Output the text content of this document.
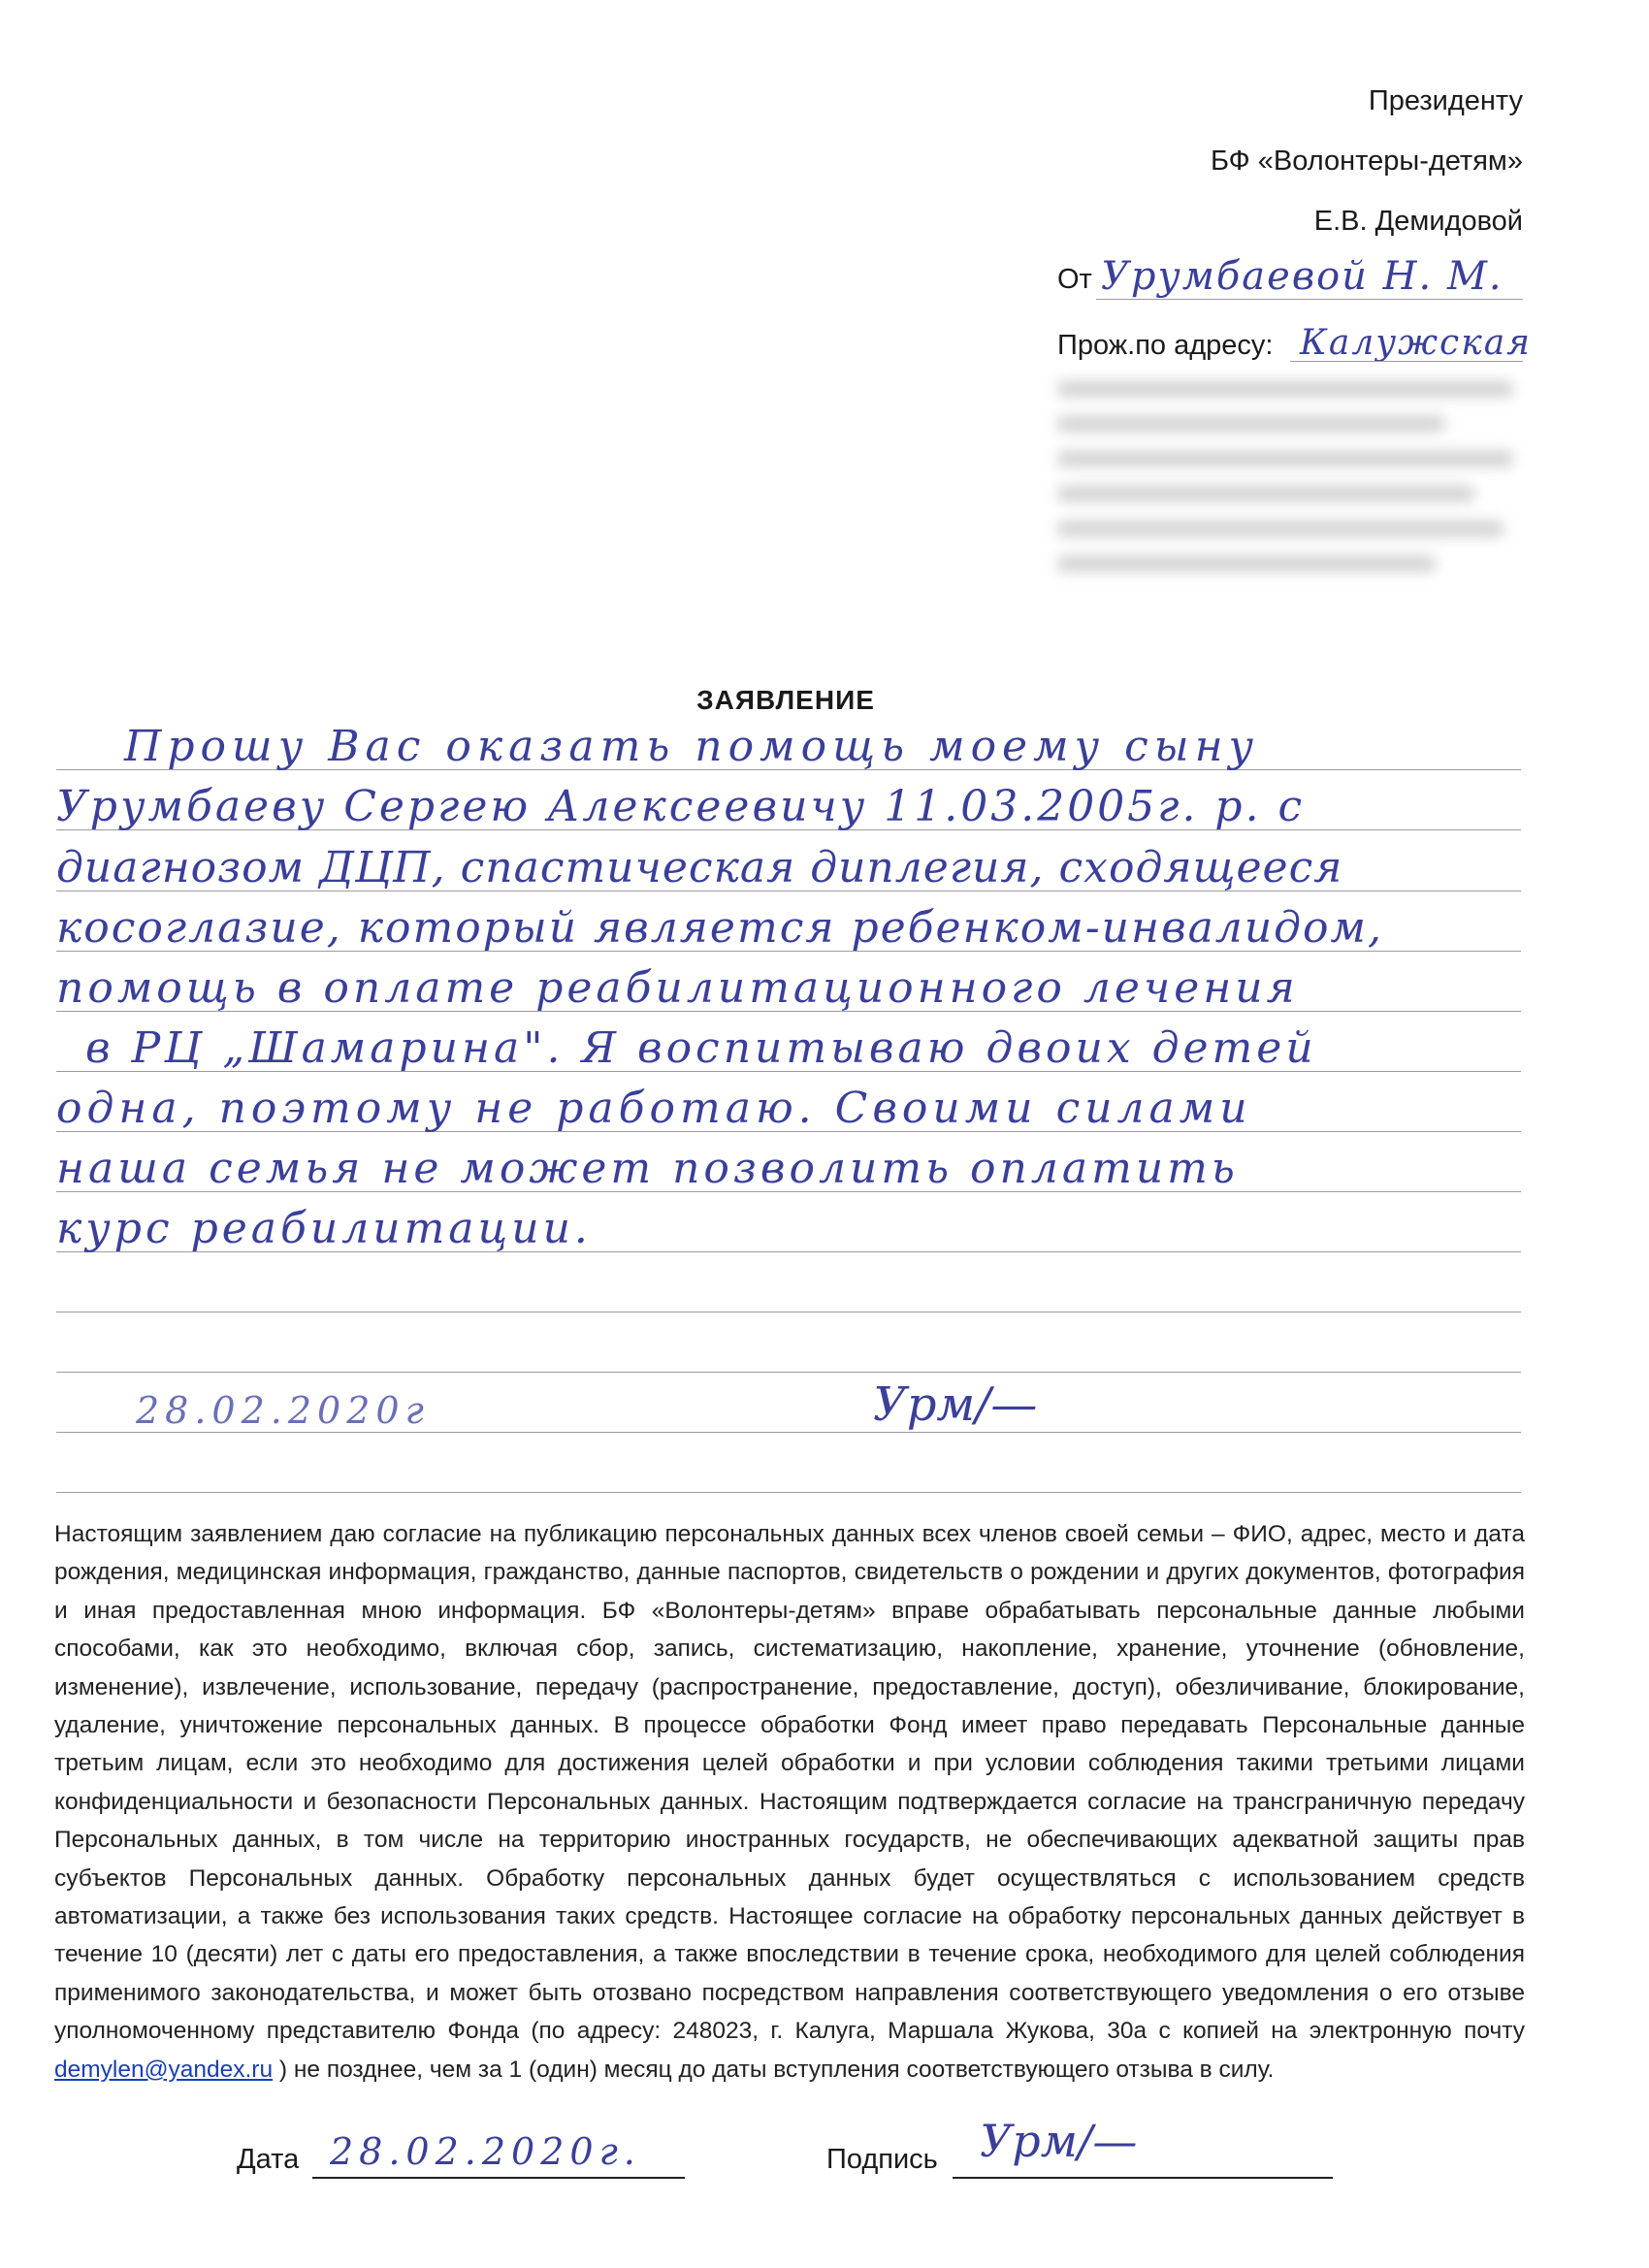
Президенту
БФ «Волонтеры-детям»
Е.В. Демидовой
От Урумбаевой Н. М.
Прож.по адресу: Калужская
ЗАЯВЛЕНИЕ
Прошу Вас оказать помощь моему сыну
Урумбаеву Сергею Алексеевичу 11.03.2005г. р. с
диагнозом ДЦП, спастическая диплегия, сходящееся
косоглазие, который является ребенком-инвалидом,
помощь в оплате реабилитационного лечения
в РЦ „Шамарина". Я воспитываю двоих детей
одна, поэтому не работаю. Своими силами
наша семья не может позволить оплатить
курс реабилитации.
28.02.2020г	Урм/—
Настоящим заявлением даю согласие на публикацию персональных данных всех членов своей семьи – ФИО, адрес, место и дата рождения, медицинская информация, гражданство, данные паспортов, свидетельств о рождении и других документов, фотография и иная предоставленная мною информация. БФ «Волонтеры-детям» вправе обрабатывать персональные данные любыми способами, как это необходимо, включая сбор, запись, систематизацию, накопление, хранение, уточнение (обновление, изменение), извлечение, использование, передачу (распространение, предоставление, доступ), обезличивание, блокирование, удаление, уничтожение персональных данных. В процессе обработки Фонд имеет право передавать Персональные данные третьим лицам, если это необходимо для достижения целей обработки и при условии соблюдения такими третьими лицами конфиденциальности и безопасности Персональных данных. Настоящим подтверждается согласие на трансграничную передачу Персональных данных, в том числе на территорию иностранных государств, не обеспечивающих адекватной защиты прав субъектов Персональных данных. Обработку персональных данных будет осуществляться с использованием средств автоматизации, а также без использования таких средств. Настоящее согласие на обработку персональных данных действует в течение 10 (десяти) лет с даты его предоставления, а также впоследствии в течение срока, необходимого для целей соблюдения применимого законодательства, и может быть отозвано посредством направления соответствующего уведомления о его отзыве уполномоченному представителю Фонда (по адресу: 248023, г. Калуга, Маршала Жукова, 30а с копией на электронную почту demylen@yandex.ru ) не позднее, чем за 1 (один) месяц до даты вступления соответствующего отзыва в силу.
Дата 28.02.2020г.	Подпись Урм/—
